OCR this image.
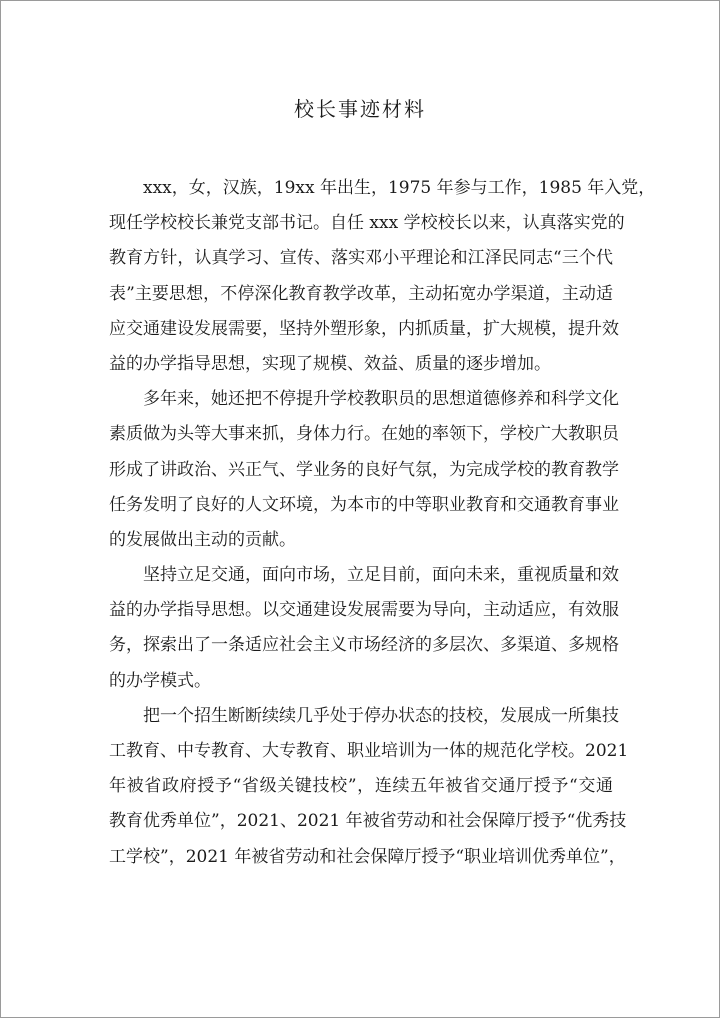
校长事迹材料
xxx，女，汉族，19xx 年出生，1975 年参与工作，1985 年入党，
现任学校校长兼党支部书记。自任 xxx 学校校长以来，认真落实党的
教育方针，认真学习、宣传、落实邓小平理论和江泽民同志“三个代
表”主要思想，不停深化教育教学改革，主动拓宽办学渠道，主动适
应交通建设发展需要，坚持外塑形象，内抓质量，扩大规模，提升效
益的办学指导思想，实现了规模、效益、质量的逐步增加。
多年来，她还把不停提升学校教职员的思想道德修养和科学文化
素质做为头等大事来抓，身体力行。在她的率领下，学校广大教职员
形成了讲政治、兴正气、学业务的良好气氛，为完成学校的教育教学
任务发明了良好的人文环境，为本市的中等职业教育和交通教育事业
的发展做出主动的贡献。
坚持立足交通，面向市场，立足目前，面向未来，重视质量和效
益的办学指导思想。以交通建设发展需要为导向，主动适应，有效服
务，探索出了一条适应社会主义市场经济的多层次、多渠道、多规格
的办学模式。
把一个招生断断续续几乎处于停办状态的技校，发展成一所集技
工教育、中专教育、大专教育、职业培训为一体的规范化学校。2021
年被省政府授予“省级关键技校”，连续五年被省交通厅授予“交通
教育优秀单位”，2021、2021 年被省劳动和社会保障厅授予“优秀技
工学校”，2021 年被省劳动和社会保障厅授予“职业培训优秀单位”，
